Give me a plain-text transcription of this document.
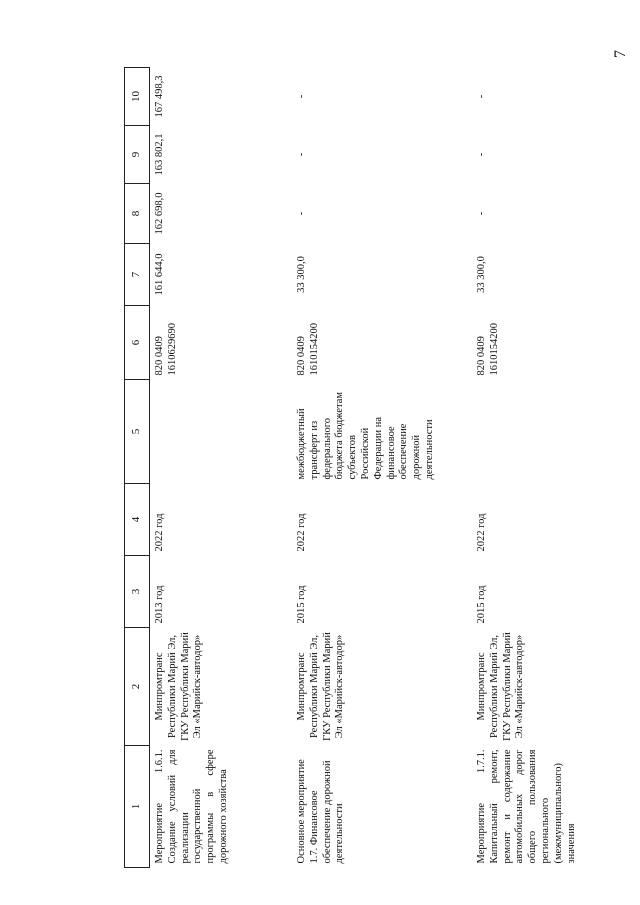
7
1	2	3	4	5	6	7	8	9	10
Мероприятие 1.6.1. Создание условий для реализации государственной программы в сфере дорожного хозяйства	Минпромтранс Республики Марий Эл, ГКУ Республики Марий Эл «Марийск-автодор»	2013 год	2022 год		820 0409 1610629690	161 644,0	162 698,0	163 802,1	167 498,3
Основное мероприятие 1.7. Финансовое обеспечение дорожной деятельности	Минпромтранс Республики Марий Эл, ГКУ Республики Марий Эл «Марийск-автодор»	2015 год	2022 год	межбюджетный трансферт из федерального бюджета бюджетам субъектов Российской Федерации на финансовое обеспечение дорожной деятельности	820 0409 1610154200	33 300,0	-	-	-
Мероприятие 1.7.1. Капитальный ремонт, ремонт и содержание автомобильных дорог общего пользования регионального (межмуниципального) значения	Минпромтранс Республики Марий Эл, ГКУ Республики Марий Эл «Марийск-автодор»	2015 год	2022 год		820 0409 1610154200	33 300,0	-	-	-
